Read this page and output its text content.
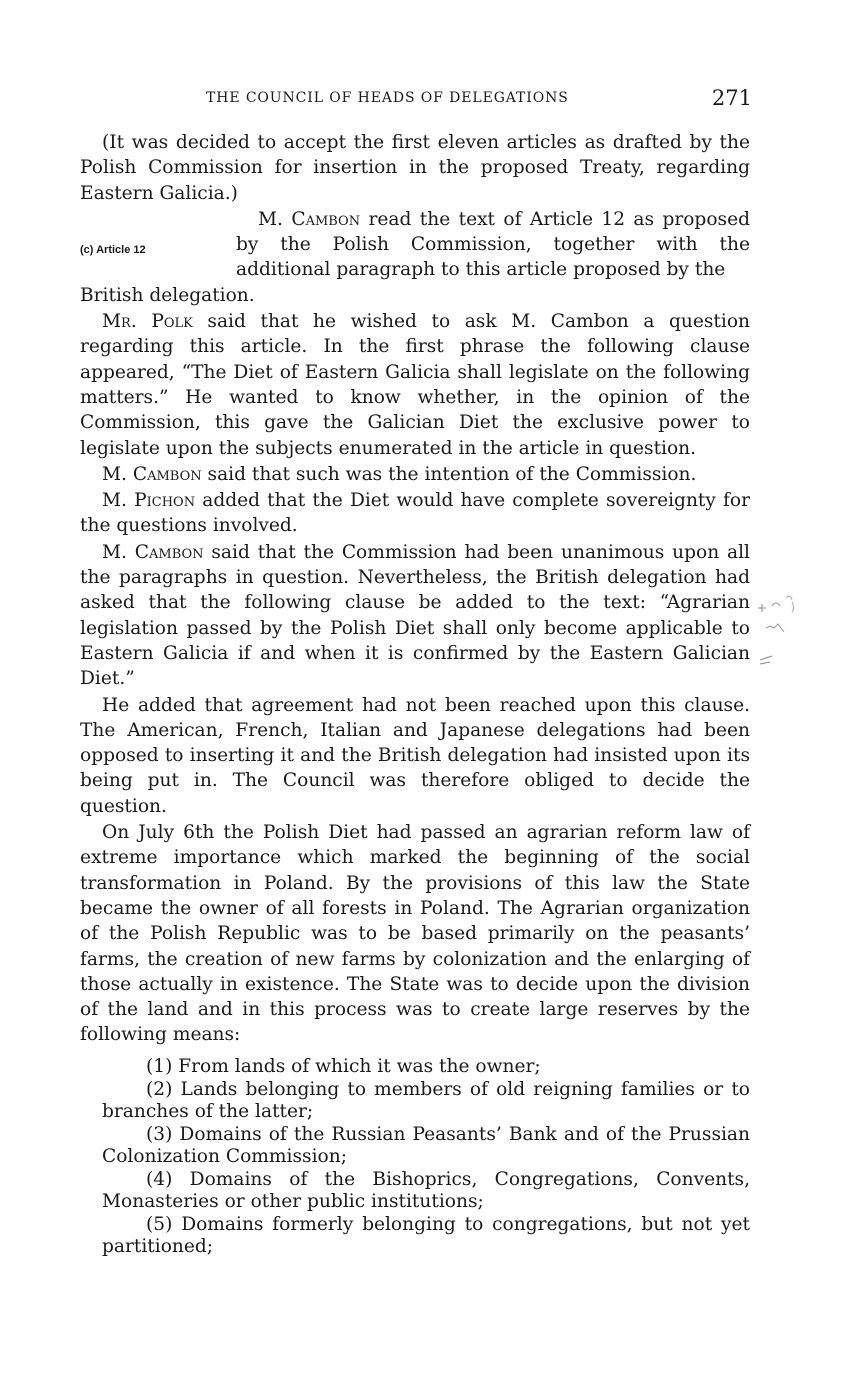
THE COUNCIL OF HEADS OF DELEGATIONS	271

(It was decided to accept the first eleven articles as drafted by the Polish Commission for insertion in the proposed Treaty, regarding Eastern Galicia.)

(c) Article 12
M. Cambon read the text of Article 12 as proposed by the Polish Commission, together with the additional paragraph to this article proposed by the

British delegation.

Mr. Polk said that he wished to ask M. Cambon a question regarding this article. In the first phrase the following clause appeared, “The Diet of Eastern Galicia shall legislate on the following matters.” He wanted to know whether, in the opinion of the Commission, this gave the Galician Diet the exclusive power to legislate upon the subjects enumerated in the article in question.

M. Cambon said that such was the intention of the Commission.

M. Pichon added that the Diet would have complete sovereignty for the questions involved.

M. Cambon said that the Commission had been unanimous upon all the paragraphs in question. Nevertheless, the British delegation had asked that the following clause be added to the text: “Agrarian legislation passed by the Polish Diet shall only become applicable to Eastern Galicia if and when it is confirmed by the Eastern Galician Diet.”

He added that agreement had not been reached upon this clause. The American, French, Italian and Japanese delegations had been opposed to inserting it and the British delegation had insisted upon its being put in. The Council was therefore obliged to decide the question.

On July 6th the Polish Diet had passed an agrarian reform law of extreme importance which marked the beginning of the social transformation in Poland. By the provisions of this law the State became the owner of all forests in Poland. The Agrarian organization of the Polish Republic was to be based primarily on the peasants’ farms, the creation of new farms by colonization and the enlarging of those actually in existence. The State was to decide upon the division of the land and in this process was to create large reserves by the following means:

(1) From lands of which it was the owner;

(2) Lands belonging to members of old reigning families or to branches of the latter;

(3) Domains of the Russian Peasants’ Bank and of the Prussian Colonization Commission;

(4) Domains of the Bishoprics, Congregations, Convents, Monasteries or other public institutions;

(5) Domains formerly belonging to congregations, but not yet partitioned;
